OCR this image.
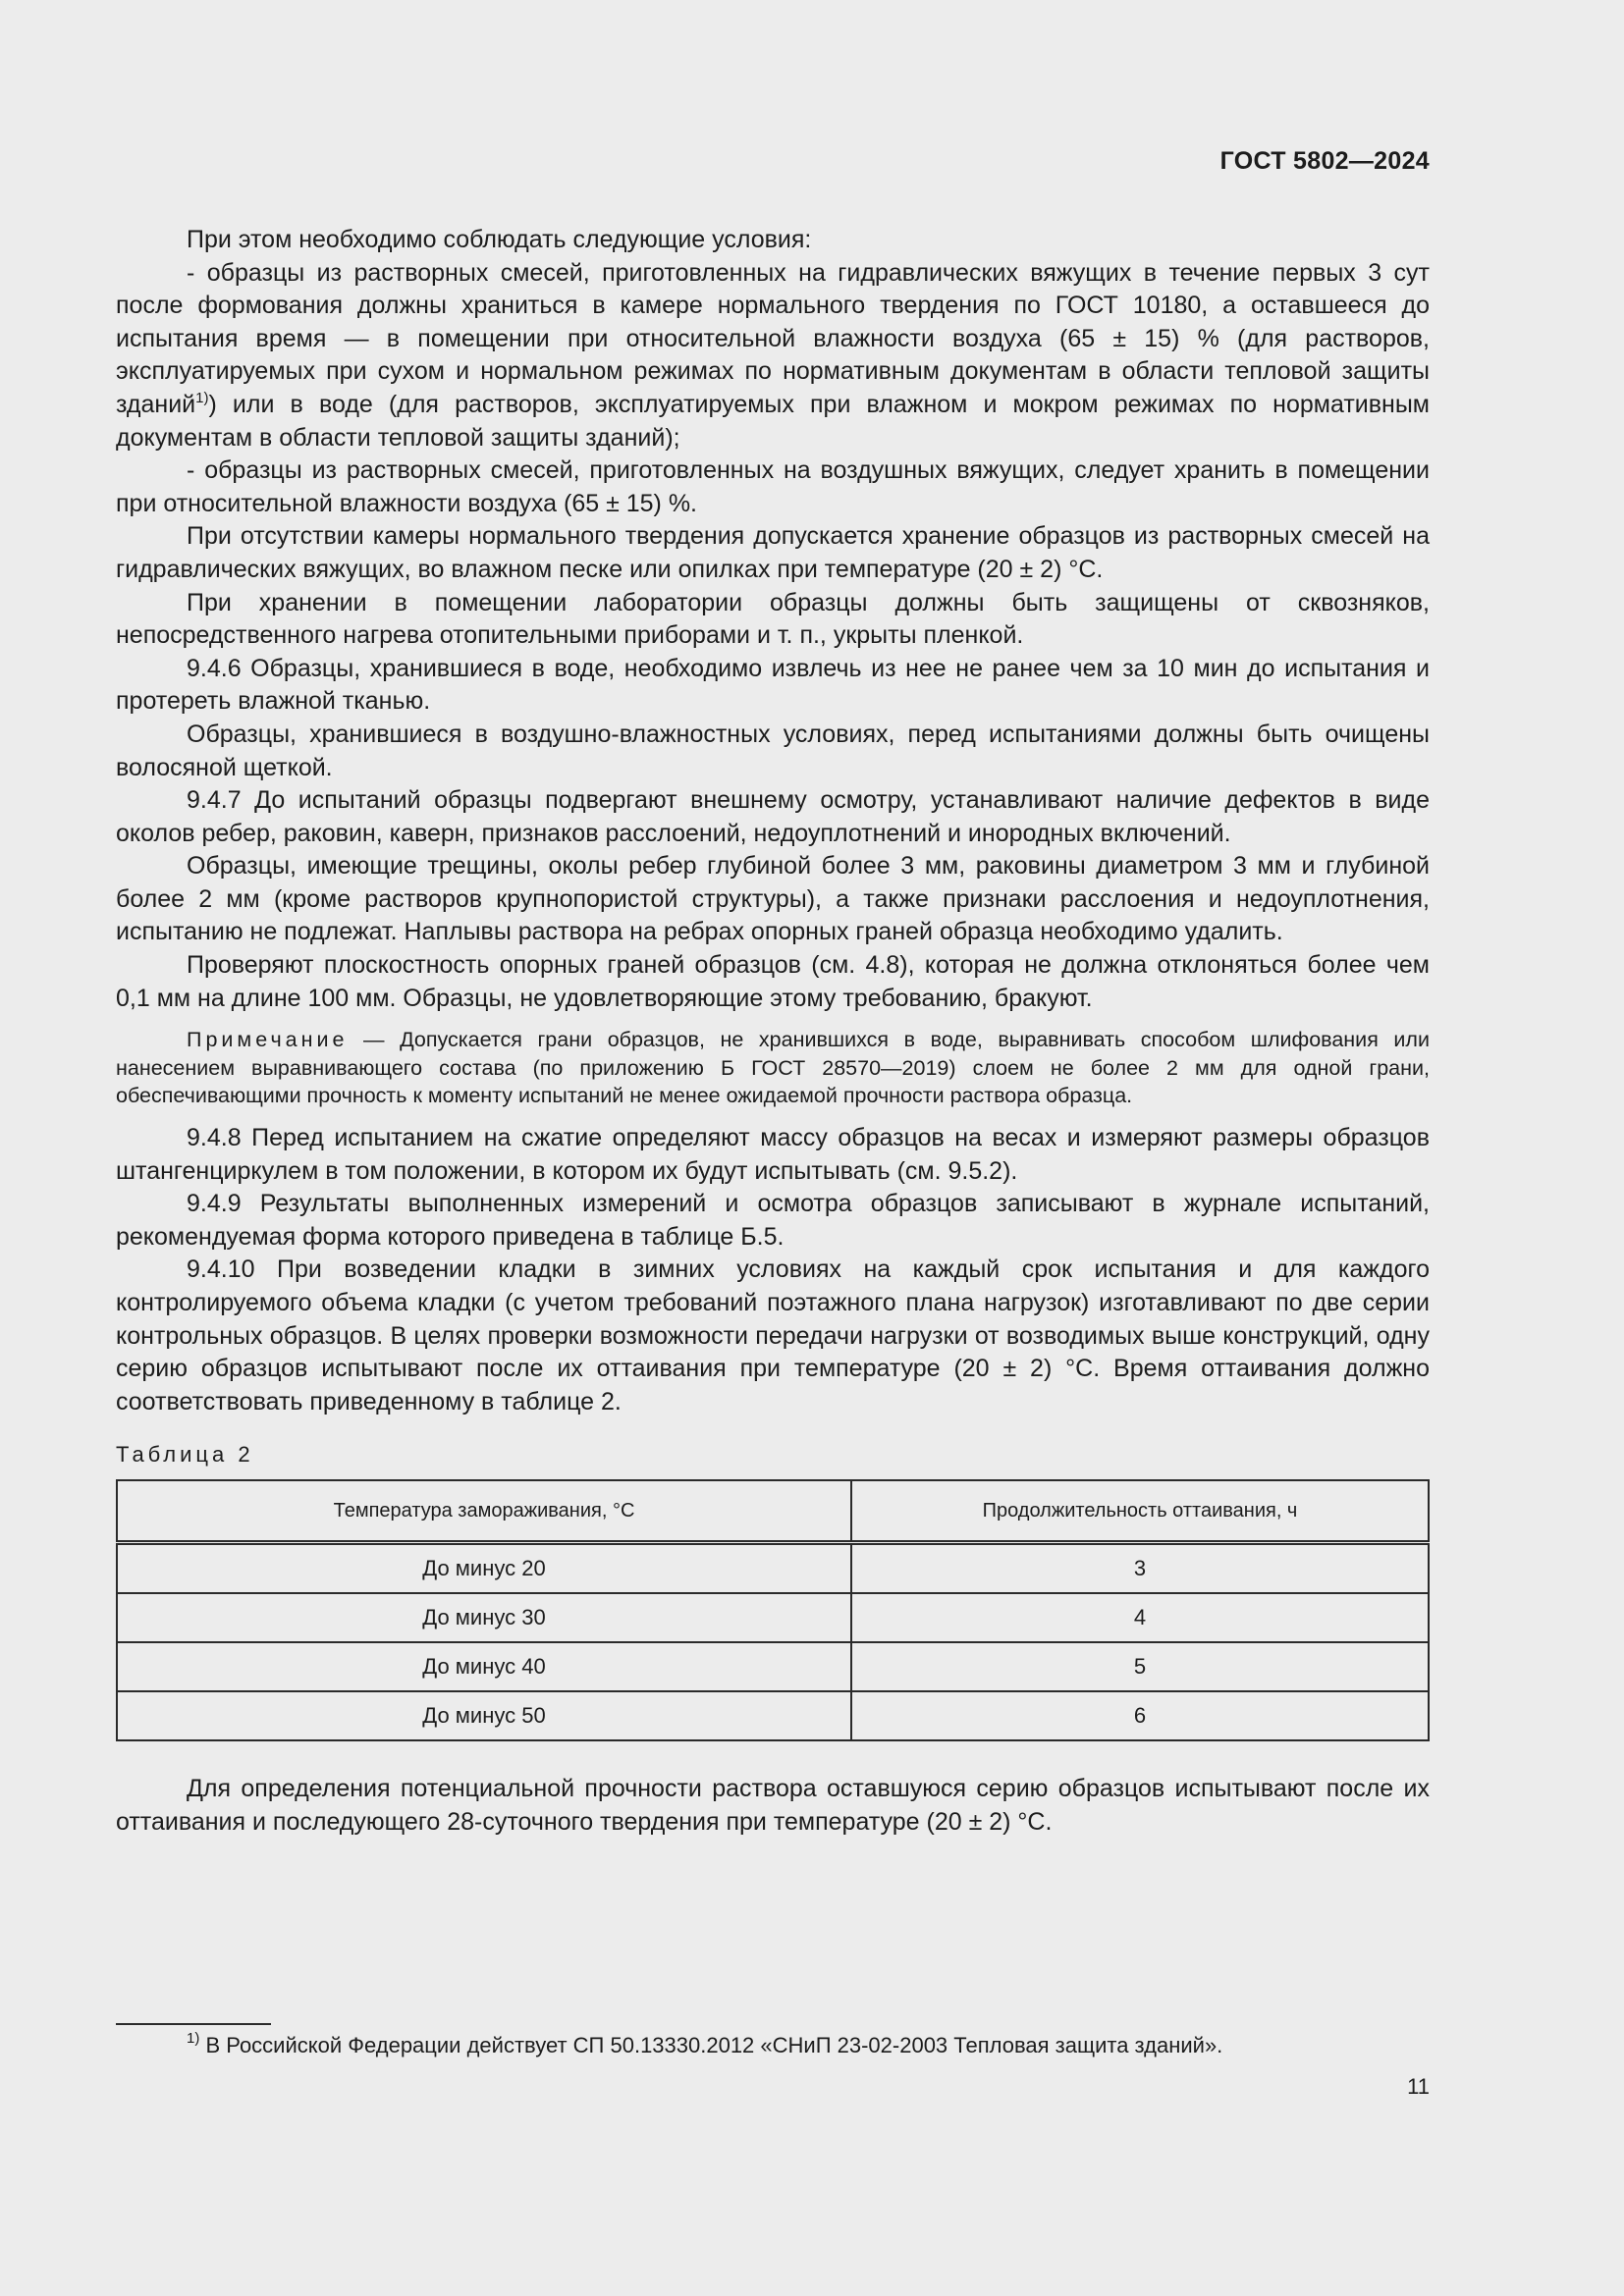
ГОСТ 5802—2024

При этом необходимо соблюдать следующие условия:

- образцы из растворных смесей, приготовленных на гидравлических вяжущих в течение первых 3 сут после формования должны храниться в камере нормального твердения по ГОСТ 10180, а оставшееся до испытания время — в помещении при относительной влажности воздуха (65 ± 15) % (для растворов, эксплуатируемых при сухом и нормальном режимах по нормативным документам в области тепловой защиты зданий$^{1)}$) или в воде (для растворов, эксплуатируемых при влажном и мокром режимах по нормативным документам в области тепловой защиты зданий);

- образцы из растворных смесей, приготовленных на воздушных вяжущих, следует хранить в помещении при относительной влажности воздуха (65 ± 15) %.

При отсутствии камеры нормального твердения допускается хранение образцов из растворных смесей на гидравлических вяжущих, во влажном песке или опилках при температуре (20 ± 2) °С.

При хранении в помещении лаборатории образцы должны быть защищены от сквозняков, непосредственного нагрева отопительными приборами и т. п., укрыты пленкой.

9.4.6 Образцы, хранившиеся в воде, необходимо извлечь из нее не ранее чем за 10 мин до испытания и протереть влажной тканью.

Образцы, хранившиеся в воздушно-влажностных условиях, перед испытаниями должны быть очищены волосяной щеткой.

9.4.7 До испытаний образцы подвергают внешнему осмотру, устанавливают наличие дефектов в виде околов ребер, раковин, каверн, признаков расслоений, недоуплотнений и инородных включений.

Образцы, имеющие трещины, околы ребер глубиной более 3 мм, раковины диаметром 3 мм и глубиной более 2 мм (кроме растворов крупнопористой структуры), а также признаки расслоения и недоуплотнения, испытанию не подлежат. Наплывы раствора на ребрах опорных граней образца необходимо удалить.

Проверяют плоскостность опорных граней образцов (см. 4.8), которая не должна отклоняться более чем 0,1 мм на длине 100 мм. Образцы, не удовлетворяющие этому требованию, бракуют.

Примечание — Допускается грани образцов, не хранившихся в воде, выравнивать способом шлифования или нанесением выравнивающего состава (по приложению Б ГОСТ 28570—2019) слоем не более 2 мм для одной грани, обеспечивающими прочность к моменту испытаний не менее ожидаемой прочности раствора образца.

9.4.8 Перед испытанием на сжатие определяют массу образцов на весах и измеряют размеры образцов штангенциркулем в том положении, в котором их будут испытывать (см. 9.5.2).

9.4.9 Результаты выполненных измерений и осмотра образцов записывают в журнале испытаний, рекомендуемая форма которого приведена в таблице Б.5.

9.4.10 При возведении кладки в зимних условиях на каждый срок испытания и для каждого контролируемого объема кладки (с учетом требований поэтажного плана нагрузок) изготавливают по две серии контрольных образцов. В целях проверки возможности передачи нагрузки от возводимых выше конструкций, одну серию образцов испытывают после их оттаивания при температуре (20 ± 2) °С. Время оттаивания должно соответствовать приведенному в таблице 2.

Таблица 2
Температура замораживания, °С	Продолжительность оттаивания, ч
До минус 20	3
До минус 30	4
До минус 40	5
До минус 50	6

Для определения потенциальной прочности раствора оставшуюся серию образцов испытывают после их оттаивания и последующего 28-суточного твердения при температуре (20 ± 2) °С.

$^{1)}$ В Российской Федерации действует СП 50.13330.2012 «СНиП 23-02-2003 Тепловая защита зданий».
11
